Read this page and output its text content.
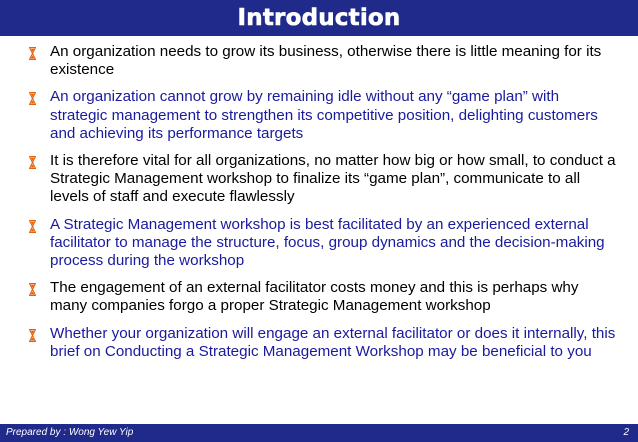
Introduction
An organization needs to grow its business, otherwise there is little meaning for its existence
An organization cannot grow by remaining idle without any “game plan” with strategic management to strengthen its competitive position, delighting customers and achieving its performance targets
It is therefore vital for all organizations, no matter how big or how small, to conduct a Strategic Management workshop to finalize its “game plan”, communicate to all levels of staff and execute flawlessly
A Strategic Management workshop is best facilitated by an experienced external facilitator to manage the structure, focus, group dynamics and the decision-making process during the workshop
The engagement of an external facilitator costs money and this is perhaps why many companies forgo a proper Strategic Management workshop
Whether your organization will engage an external facilitator or does it internally, this brief on Conducting a Strategic Management Workshop may be beneficial to you
Prepared by : Wong Yew Yip	2
